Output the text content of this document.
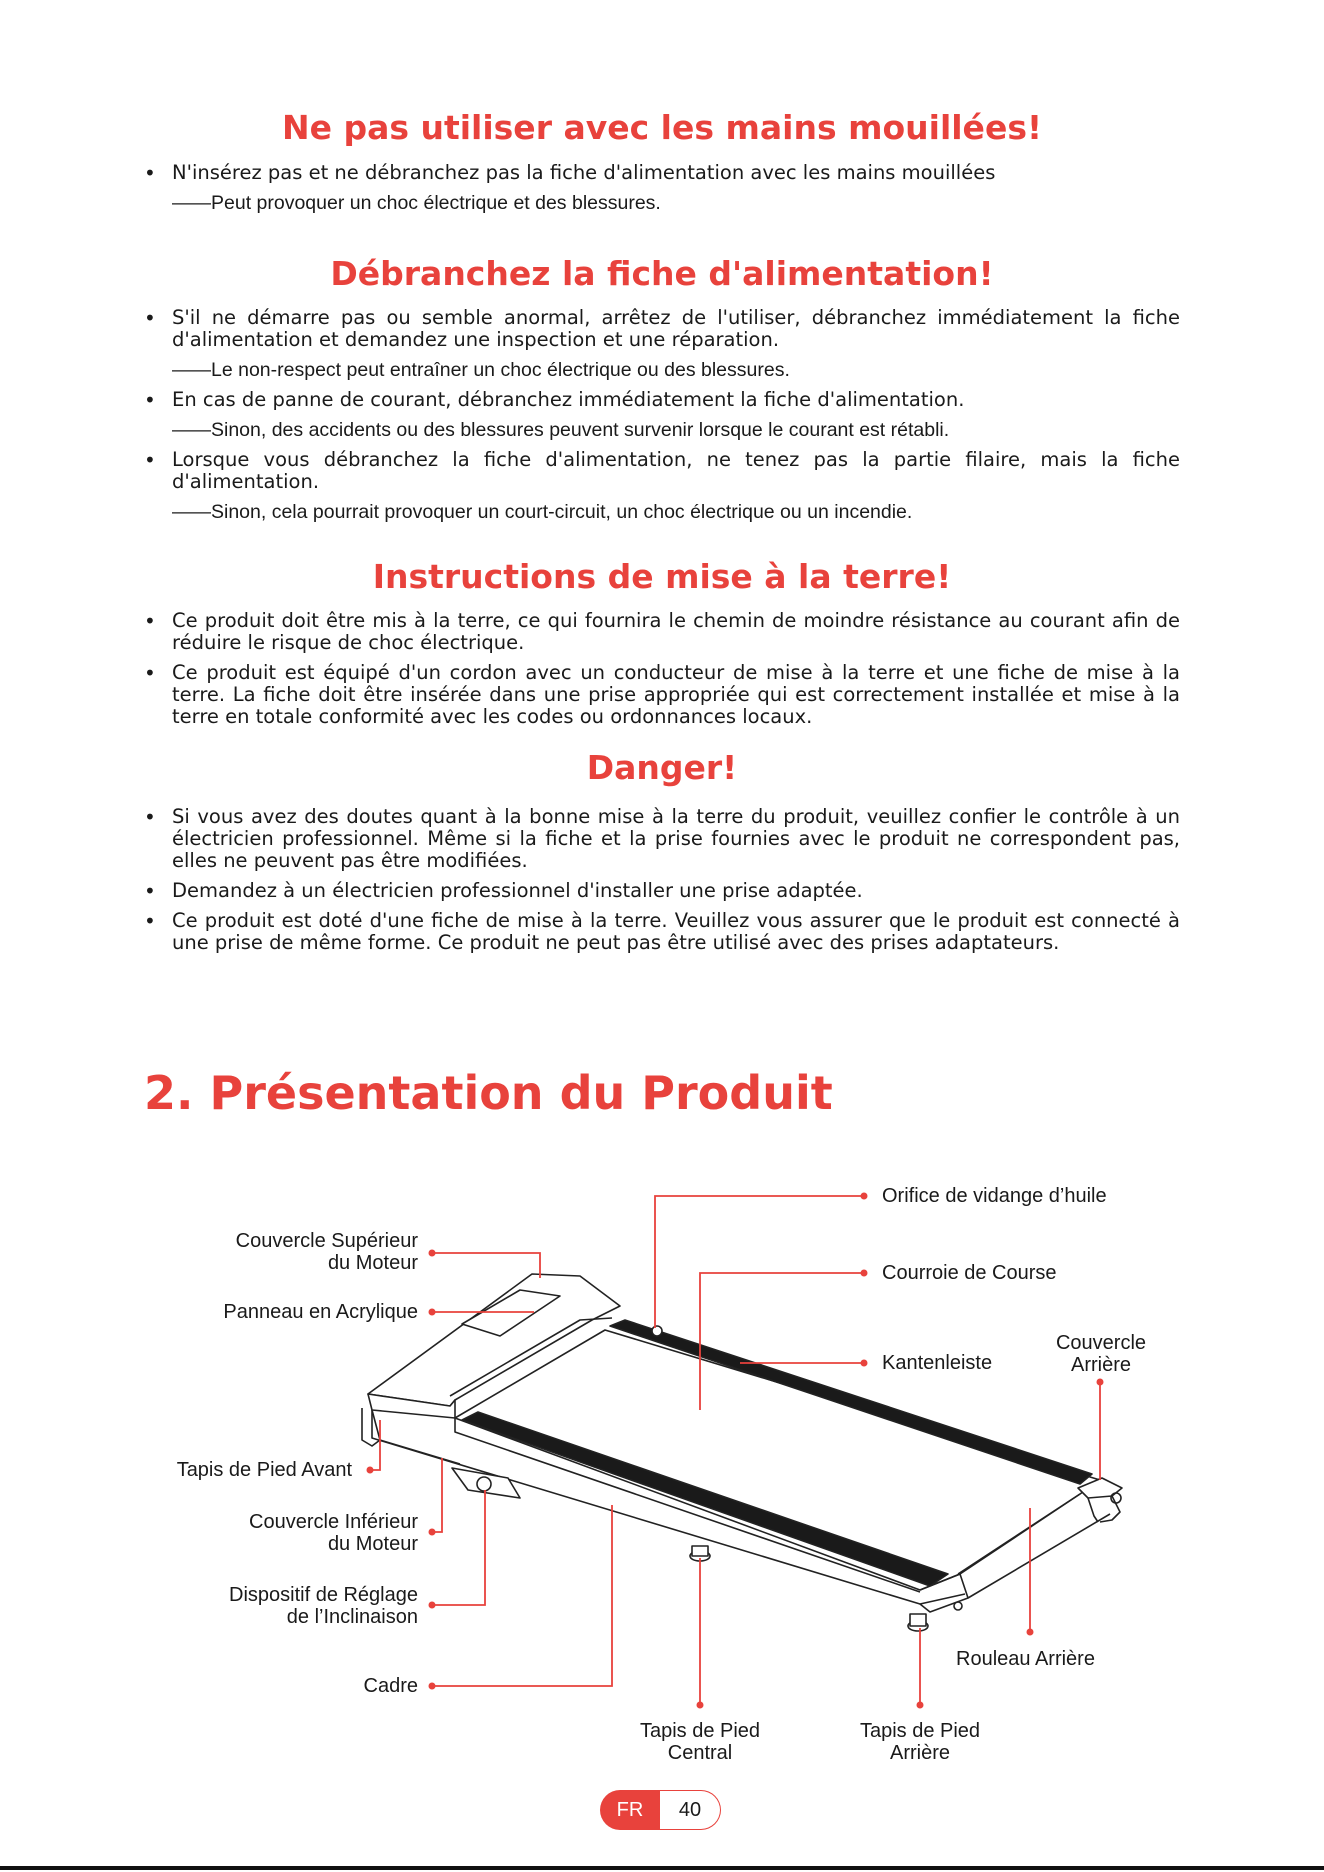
Ne pas utiliser avec les mains mouillées!
• N'insérez pas et ne débranchez pas la fiche d'alimentation avec les mains mouillées
——Peut provoquer un choc électrique et des blessures.
Débranchez la fiche d'alimentation!
• S'il ne démarre pas ou semble anormal, arrêtez de l'utiliser, débranchez immédiatement la fiche d'alimentation et demandez une inspection et une réparation.
——Le non-respect peut entraîner un choc électrique ou des blessures.
• En cas de panne de courant, débranchez immédiatement la fiche d'alimentation.
——Sinon, des accidents ou des blessures peuvent survenir lorsque le courant est rétabli.
• Lorsque vous débranchez la fiche d'alimentation, ne tenez pas la partie filaire, mais la fiche d'alimentation.
——Sinon, cela pourrait provoquer un court-circuit, un choc électrique ou un incendie.
Instructions de mise à la terre!
• Ce produit doit être mis à la terre, ce qui fournira le chemin de moindre résistance au courant afin de réduire le risque de choc électrique.
• Ce produit est équipé d'un cordon avec un conducteur de mise à la terre et une fiche de mise à la terre. La fiche doit être insérée dans une prise appropriée qui est correctement installée et mise à la terre en totale conformité avec les codes ou ordonnances locaux.
Danger!
• Si vous avez des doutes quant à la bonne mise à la terre du produit, veuillez confier le contrôle à un électricien professionnel. Même si la fiche et la prise fournies avec le produit ne correspondent pas, elles ne peuvent pas être modifiées.
• Demandez à un électricien professionnel d'installer une prise adaptée.
• Ce produit est doté d'une fiche de mise à la terre. Veuillez vous assurer que le produit est connecté à une prise de même forme. Ce produit ne peut pas être utilisé avec des prises adaptateurs.
2. Présentation du Produit
Couvercle Supérieur
du Moteur
Panneau en Acrylique
Tapis de Pied Avant
Couvercle Inférieur
du Moteur
Dispositif de Réglage
de l’Inclinaison
Cadre
Orifice de vidange d’huile
Courroie de Course
Kantenleiste
Couvercle
Arrière
Rouleau Arrière
Tapis de Pied
Central
Tapis de Pied
Arrière
FR	40
